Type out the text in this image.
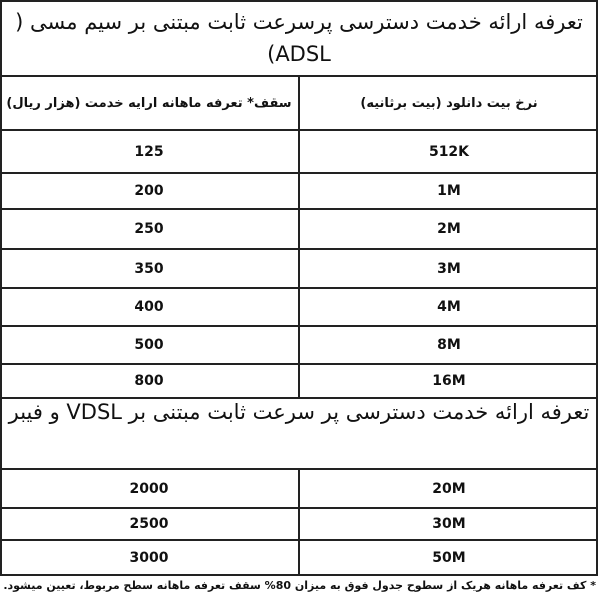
تعرفه ارائه خدمت دسترسی پرسرعت ثابت مبتنی بر سیم مسی ( ADSL)
نرخ بیت دانلود (بیت برثانیه)
سقف* تعرفه ماهانه ارایه خدمت (هزار ریال)
512K
125
1M
200
2M
250
3M
350
4M
400
8M
500
16M
800
تعرفه ارائه خدمت دسترسی پر سرعت ثابت مبتنی بر VDSL و فیبر
20M
2000
30M
2500
50M
3000
* کف تعرفه ماهانه هریک از سطوح جدول فوق به میزان 80% سقف تعرفه ماهانه سطح مربوط، تعیین میشود.
